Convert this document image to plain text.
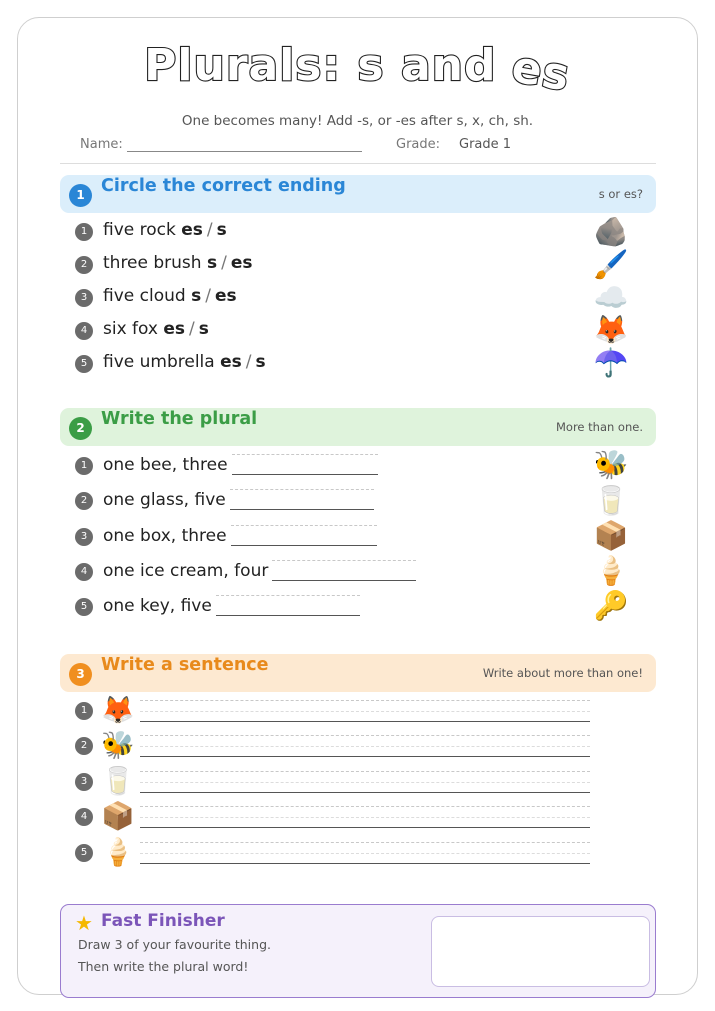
Plurals: s and es
One becomes many! Add -s, or -es after s, x, ch, sh.
Name:	Grade: Grade 1
1 Circle the correct ending	s or es?
1 five rock es / s	🪨
2 three brush s / es	🖌️
3 five cloud s / es	☁️
4 six fox es / s	🦊
5 five umbrella es / s	☂️
2 Write the plural	More than one.
1 one bee, three	🐝
2 one glass, five	🥛
3 one box, three	📦
4 one ice cream, four	🍦
5 one key, five	🔑
3 Write a sentence	Write about more than one!
1 🦊
2 🐝
3 🥛
4 📦
5 🍦
★ Fast Finisher
Draw 3 of your favourite thing.
Then write the plural word!
